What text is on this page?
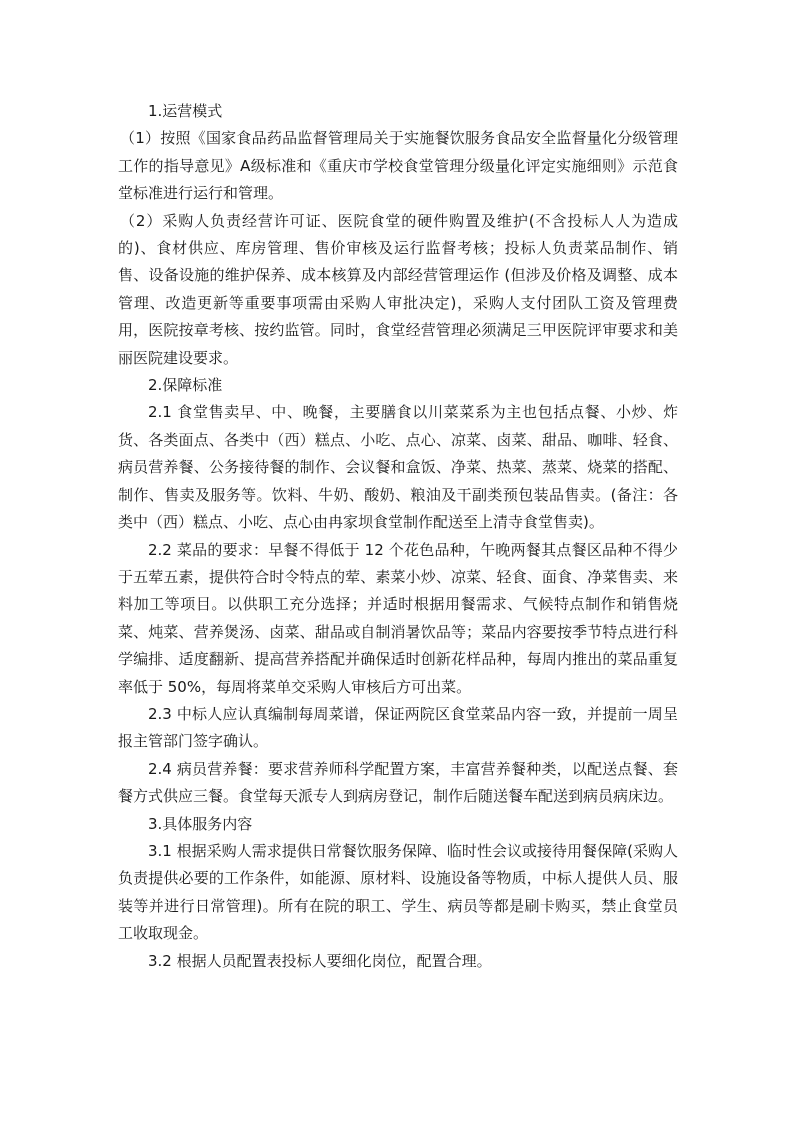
1.运营模式

（1）按照《国家食品药品监督管理局关于实施餐饮服务食品安全监督量化分级管理工作的指导意见》A级标准和《重庆市学校食堂管理分级量化评定实施细则》示范食堂标准进行运行和管理。

（2）采购人负责经营许可证、医院食堂的硬件购置及维护(不含投标人人为造成的)、食材供应、库房管理、售价审核及运行监督考核；投标人负责菜品制作、销售、设备设施的维护保养、成本核算及内部经营管理运作 (但涉及价格及调整、成本管理、改造更新等重要事项需由采购人审批决定)，采购人支付团队工资及管理费用，医院按章考核、按约监管。同时，食堂经营管理必须满足三甲医院评审要求和美丽医院建设要求。

2.保障标准

2.1 食堂售卖早、中、晚餐，主要膳食以川菜菜系为主也包括点餐、小炒、炸货、各类面点、各类中（西）糕点、小吃、点心、凉菜、卤菜、甜品、咖啡、轻食、病员营养餐、公务接待餐的制作、会议餐和盒饭、净菜、热菜、蒸菜、烧菜的搭配、制作、售卖及服务等。饮料、牛奶、酸奶、粮油及干副类预包装品售卖。(备注：各类中（西）糕点、小吃、点心由冉家坝食堂制作配送至上清寺食堂售卖)。

2.2 菜品的要求：早餐不得低于 12 个花色品种，午晚两餐其点餐区品种不得少于五荤五素，提供符合时令特点的荤、素菜小炒、凉菜、轻食、面食、净菜售卖、来料加工等项目。以供职工充分选择；并适时根据用餐需求、气候特点制作和销售烧菜、炖菜、营养煲汤、卤菜、甜品或自制消暑饮品等；菜品内容要按季节特点进行科学编排、适度翻新、提高营养搭配并确保适时创新花样品种，每周内推出的菜品重复率低于 50%，每周将菜单交采购人审核后方可出菜。

2.3 中标人应认真编制每周菜谱，保证两院区食堂菜品内容一致，并提前一周呈报主管部门签字确认。

2.4 病员营养餐：要求营养师科学配置方案，丰富营养餐种类，以配送点餐、套餐方式供应三餐。食堂每天派专人到病房登记，制作后随送餐车配送到病员病床边。

3.具体服务内容

3.1 根据采购人需求提供日常餐饮服务保障、临时性会议或接待用餐保障(采购人负责提供必要的工作条件，如能源、原材料、设施设备等物质，中标人提供人员、服装等并进行日常管理)。所有在院的职工、学生、病员等都是刷卡购买，禁止食堂员工收取现金。

3.2 根据人员配置表投标人要细化岗位，配置合理。
